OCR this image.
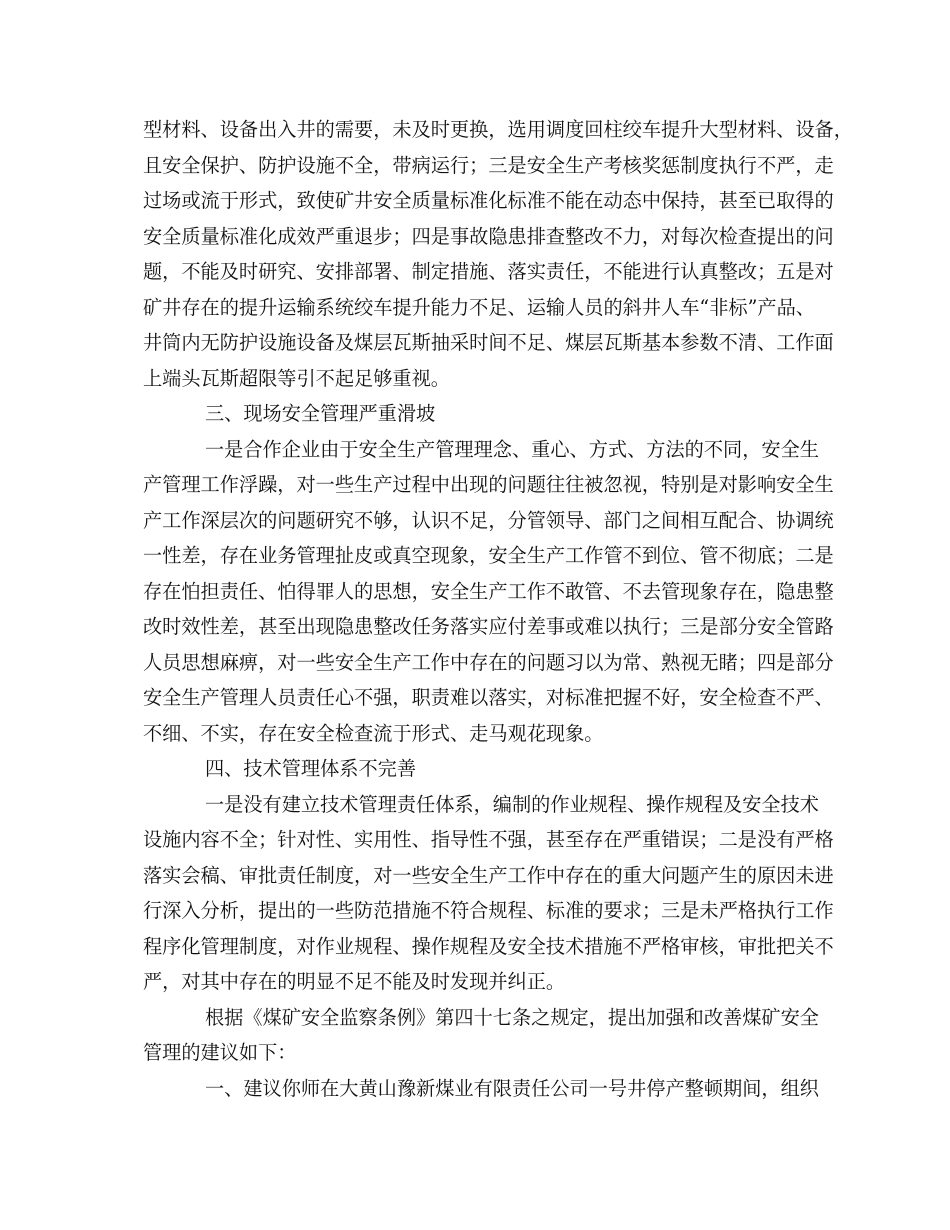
型材料、设备出入井的需要，未及时更换，选用调度回柱绞车提升大型材料、设备，

且安全保护、防护设施不全，带病运行；三是安全生产考核奖惩制度执行不严，走

过场或流于形式，致使矿井安全质量标准化标准不能在动态中保持，甚至已取得的

安全质量标准化成效严重退步；四是事故隐患排查整改不力，对每次检查提出的问

题，不能及时研究、安排部署、制定措施、落实责任，不能进行认真整改；五是对

矿井存在的提升运输系统绞车提升能力不足、运输人员的斜井人车“非标”产品、

井筒内无防护设施设备及煤层瓦斯抽采时间不足、煤层瓦斯基本参数不清、工作面

上端头瓦斯超限等引不起足够重视。

三、现场安全管理严重滑坡

一是合作企业由于安全生产管理理念、重心、方式、方法的不同，安全生

产管理工作浮躁，对一些生产过程中出现的问题往往被忽视，特别是对影响安全生

产工作深层次的问题研究不够，认识不足，分管领导、部门之间相互配合、协调统

一性差，存在业务管理扯皮或真空现象，安全生产工作管不到位、管不彻底；二是

存在怕担责任、怕得罪人的思想，安全生产工作不敢管、不去管现象存在，隐患整

改时效性差，甚至出现隐患整改任务落实应付差事或难以执行；三是部分安全管路

人员思想麻痹，对一些安全生产工作中存在的问题习以为常、熟视无睹；四是部分

安全生产管理人员责任心不强，职责难以落实，对标准把握不好，安全检查不严、

不细、不实，存在安全检查流于形式、走马观花现象。

四、技术管理体系不完善

一是没有建立技术管理责任体系，编制的作业规程、操作规程及安全技术

设施内容不全；针对性、实用性、指导性不强，甚至存在严重错误；二是没有严格

落实会稿、审批责任制度，对一些安全生产工作中存在的重大问题产生的原因未进

行深入分析，提出的一些防范措施不符合规程、标准的要求；三是未严格执行工作

程序化管理制度，对作业规程、操作规程及安全技术措施不严格审核，审批把关不

严，对其中存在的明显不足不能及时发现并纠正。

根据《煤矿安全监察条例》第四十七条之规定，提出加强和改善煤矿安全

管理的建议如下：

一、建议你师在大黄山豫新煤业有限责任公司一号井停产整顿期间，组织
